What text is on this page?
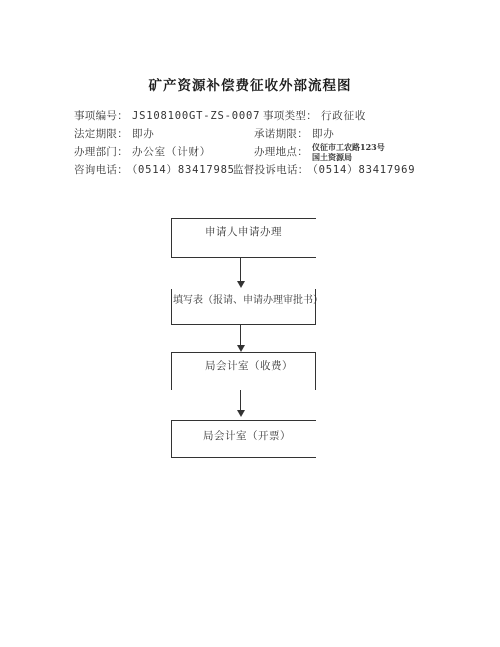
矿产资源补偿费征收外部流程图
事项编号： JS108100GT-ZS-0007 事项类型： 行政征收
法定期限： 即办	承诺期限： 即办
办理部门： 办公室（计财）	办理地点： 仪征市工农路123号
国土资源局
咨询电话： （0514）83417985
监督投诉电话： （0514）83417969
申请人申请办理
填写表（报请、申请办理审批书）
局会计室（收费）
局会计室（开票）
